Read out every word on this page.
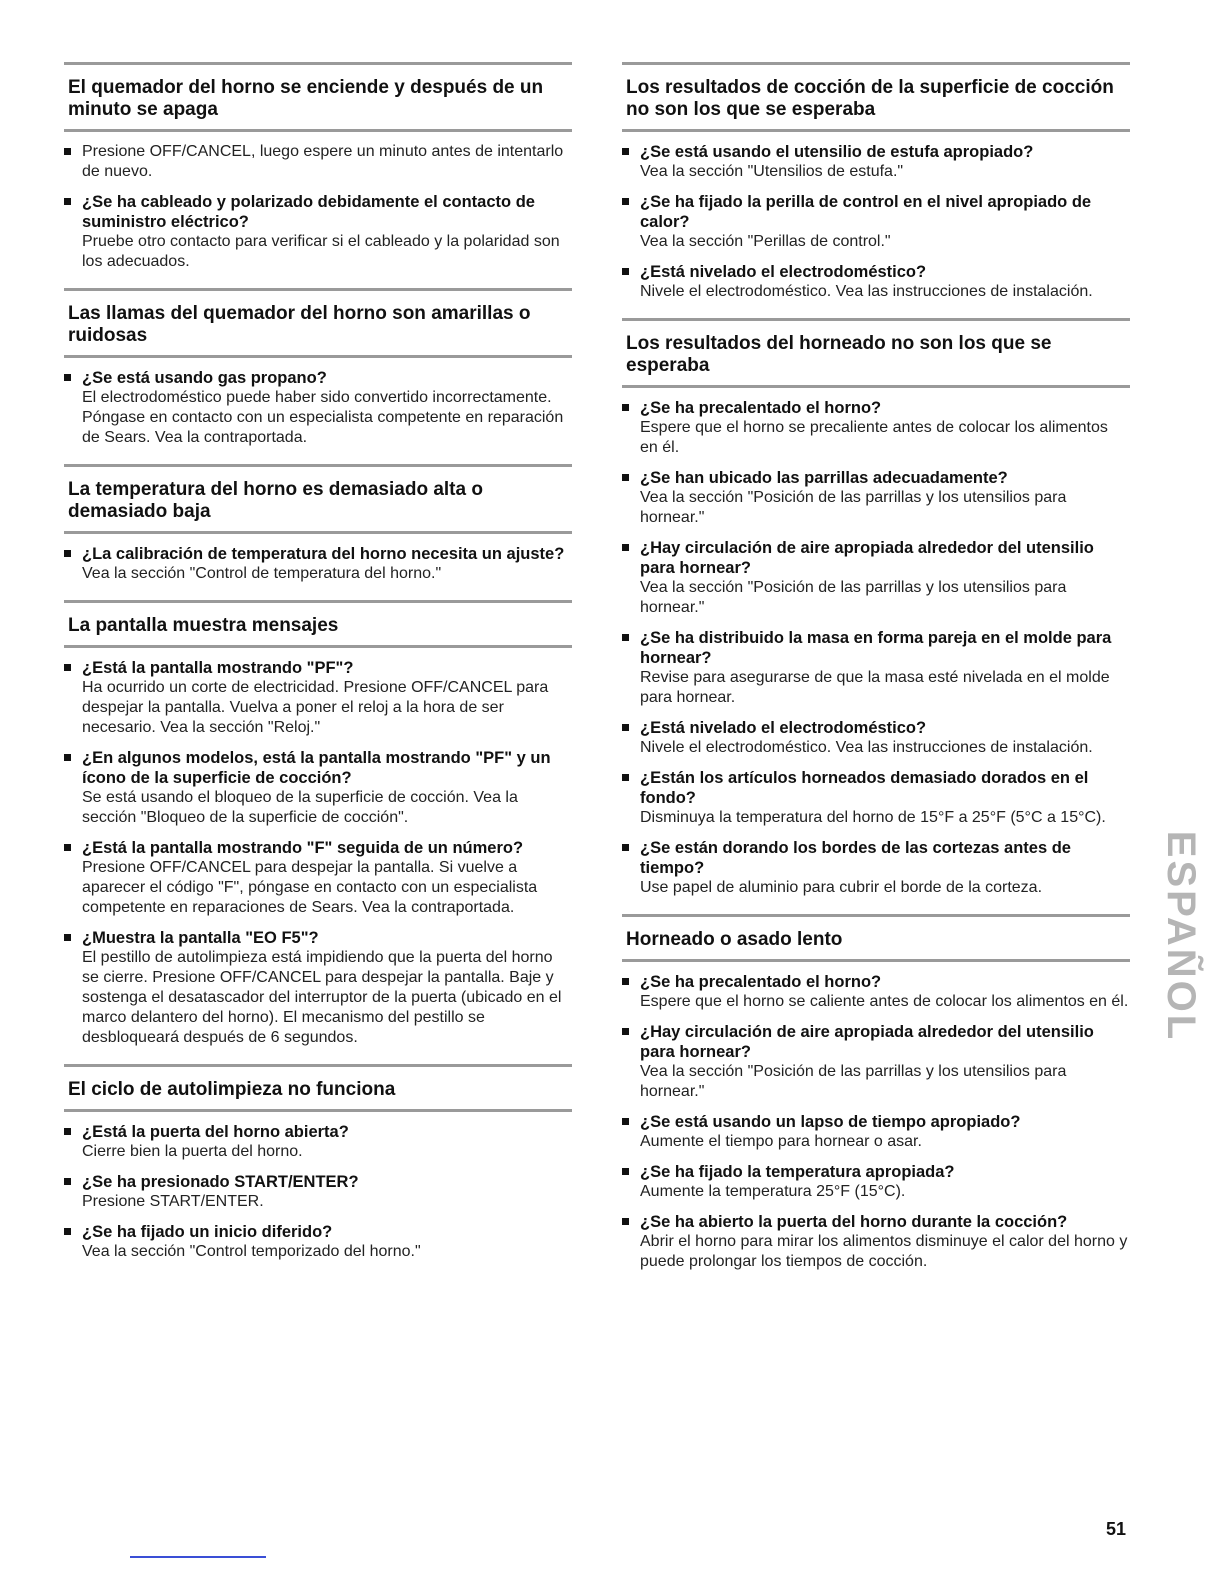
El quemador del horno se enciende y después de un minuto se apaga
Presione OFF/CANCEL, luego espere un minuto antes de intentarlo de nuevo.
¿Se ha cableado y polarizado debidamente el contacto de suministro eléctrico?
Pruebe otro contacto para verificar si el cableado y la polaridad son los adecuados.
Las llamas del quemador del horno son amarillas o ruidosas
¿Se está usando gas propano?
El electrodoméstico puede haber sido convertido incorrectamente. Póngase en contacto con un especialista competente en reparación de Sears. Vea la contraportada.
La temperatura del horno es demasiado alta o demasiado baja
¿La calibración de temperatura del horno necesita un ajuste?
Vea la sección "Control de temperatura del horno."
La pantalla muestra mensajes
¿Está la pantalla mostrando "PF"?
Ha ocurrido un corte de electricidad. Presione OFF/CANCEL para despejar la pantalla. Vuelva a poner el reloj a la hora de ser necesario. Vea la sección "Reloj."
¿En algunos modelos, está la pantalla mostrando "PF" y un ícono de la superficie de cocción?
Se está usando el bloqueo de la superficie de cocción. Vea la sección "Bloqueo de la superficie de cocción".
¿Está la pantalla mostrando "F" seguida de un número?
Presione OFF/CANCEL para despejar la pantalla. Si vuelve a aparecer el código "F", póngase en contacto con un especialista competente en reparaciones de Sears. Vea la contraportada.
¿Muestra la pantalla "EO F5"?
El pestillo de autolimpieza está impidiendo que la puerta del horno se cierre. Presione OFF/CANCEL para despejar la pantalla. Baje y sostenga el desatascador del interruptor de la puerta (ubicado en el marco delantero del horno). El mecanismo del pestillo se desbloqueará después de 6 segundos.
El ciclo de autolimpieza no funciona
¿Está la puerta del horno abierta?
Cierre bien la puerta del horno.
¿Se ha presionado START/ENTER?
Presione START/ENTER.
¿Se ha fijado un inicio diferido?
Vea la sección "Control temporizado del horno."
Los resultados de cocción de la superficie de cocción no son los que se esperaba
¿Se está usando el utensilio de estufa apropiado?
Vea la sección "Utensilios de estufa."
¿Se ha fijado la perilla de control en el nivel apropiado de calor?
Vea la sección "Perillas de control."
¿Está nivelado el electrodoméstico?
Nivele el electrodoméstico. Vea las instrucciones de instalación.
Los resultados del horneado no son los que se esperaba
¿Se ha precalentado el horno?
Espere que el horno se precaliente antes de colocar los alimentos en él.
¿Se han ubicado las parrillas adecuadamente?
Vea la sección "Posición de las parrillas y los utensilios para hornear."
¿Hay circulación de aire apropiada alrededor del utensilio para hornear?
Vea la sección "Posición de las parrillas y los utensilios para hornear."
¿Se ha distribuido la masa en forma pareja en el molde para hornear?
Revise para asegurarse de que la masa esté nivelada en el molde para hornear.
¿Está nivelado el electrodoméstico?
Nivele el electrodoméstico. Vea las instrucciones de instalación.
¿Están los artículos horneados demasiado dorados en el fondo?
Disminuya la temperatura del horno de 15°F a 25°F (5°C a 15°C).
¿Se están dorando los bordes de las cortezas antes de tiempo?
Use papel de aluminio para cubrir el borde de la corteza.
Horneado o asado lento
¿Se ha precalentado el horno?
Espere que el horno se caliente antes de colocar los alimentos en él.
¿Hay circulación de aire apropiada alrededor del utensilio para hornear?
Vea la sección "Posición de las parrillas y los utensilios para hornear."
¿Se está usando un lapso de tiempo apropiado?
Aumente el tiempo para hornear o asar.
¿Se ha fijado la temperatura apropiada?
Aumente la temperatura 25°F (15°C).
¿Se ha abierto la puerta del horno durante la cocción?
Abrir el horno para mirar los alimentos disminuye el calor del horno y puede prolongar los tiempos de cocción.
ESPAÑOL
51
